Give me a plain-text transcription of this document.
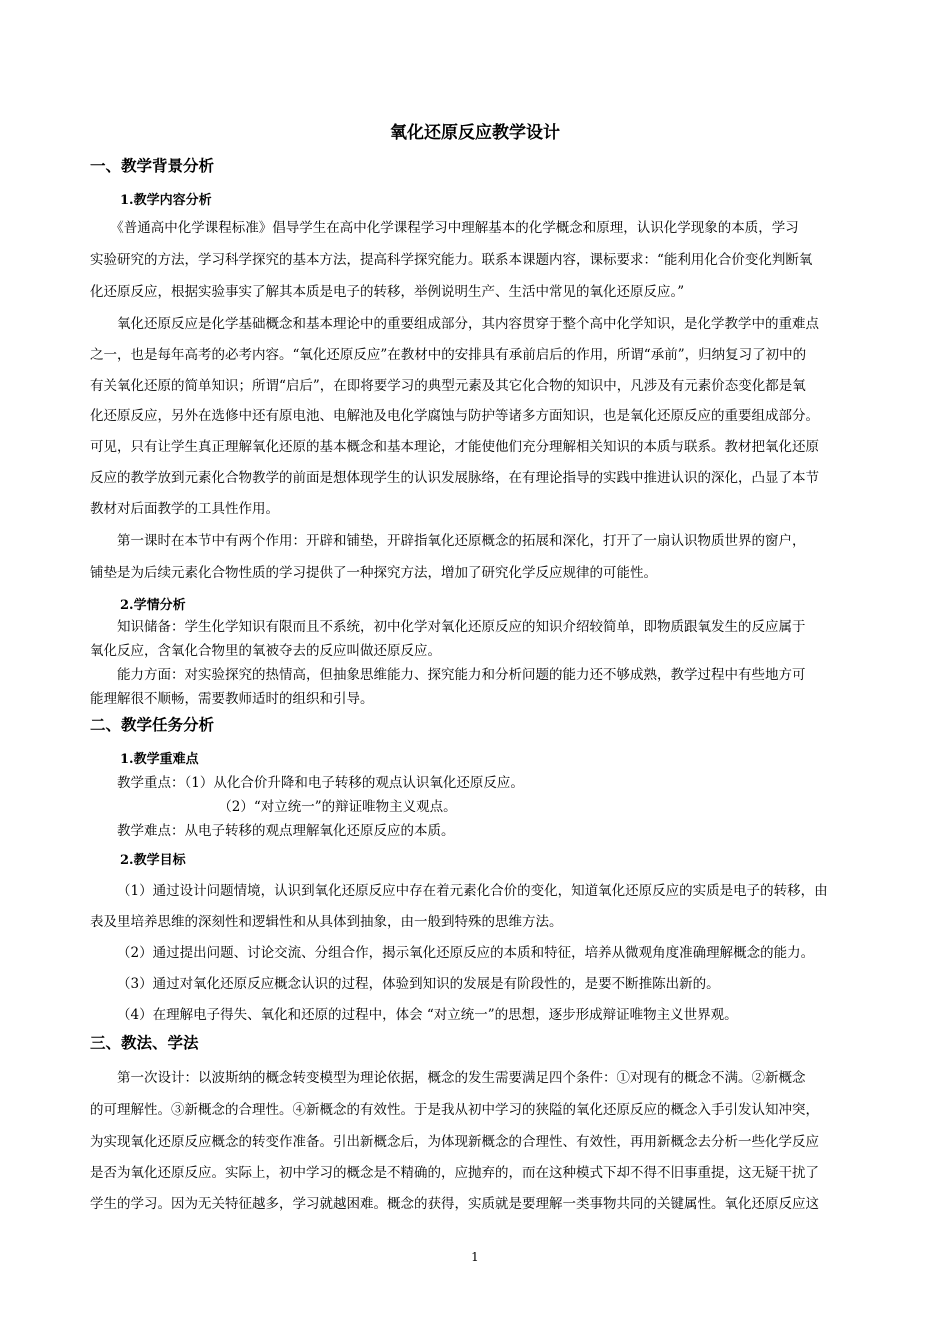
氧化还原反应教学设计
一、教学背景分析
1.教学内容分析
　　《普通高中化学课程标准》倡导学生在高中化学课程学习中理解基本的化学概念和原理，认识化学现象的本质，学习
实验研究的方法，学习科学探究的基本方法，提高科学探究能力。联系本课题内容，课标要求：“能利用化合价变化判断氧
化还原反应，根据实验事实了解其本质是电子的转移，举例说明生产、生活中常见的氧化还原反应。”
　　氧化还原反应是化学基础概念和基本理论中的重要组成部分，其内容贯穿于整个高中化学知识，是化学教学中的重难点
之一，也是每年高考的必考内容。“氧化还原反应”在教材中的安排具有承前启后的作用，所谓“承前”，归纳复习了初中的
有关氧化还原的简单知识；所谓“启后”，在即将要学习的典型元素及其它化合物的知识中，凡涉及有元素价态变化都是氧
化还原反应，另外在选修中还有原电池、电解池及电化学腐蚀与防护等诸多方面知识，也是氧化还原反应的重要组成部分。
可见，只有让学生真正理解氧化还原的基本概念和基本理论，才能使他们充分理解相关知识的本质与联系。教材把氧化还原
反应的教学放到元素化合物教学的前面是想体现学生的认识发展脉络，在有理论指导的实践中推进认识的深化，凸显了本节
教材对后面教学的工具性作用。
　　第一课时在本节中有两个作用：开辟和铺垫，开辟指氧化还原概念的拓展和深化，打开了一扇认识物质世界的窗户，
铺垫是为后续元素化合物性质的学习提供了一种探究方法，增加了研究化学反应规律的可能性。
2.学情分析
　　知识储备：学生化学知识有限而且不系统，初中化学对氧化还原反应的知识介绍较简单，即物质跟氧发生的反应属于
氧化反应，含氧化合物里的氧被夺去的反应叫做还原反应。
　　能力方面：对实验探究的热情高，但抽象思维能力、探究能力和分析问题的能力还不够成熟，教学过程中有些地方可
能理解很不顺畅，需要教师适时的组织和引导。
二、教学任务分析
1.教学重难点
　　教学重点：（1）从化合价升降和电子转移的观点认识氧化还原反应。
　　　　　　　　　　（2）“对立统一”的辩证唯物主义观点。
　　教学难点：从电子转移的观点理解氧化还原反应的本质。
2.教学目标
（1）通过设计问题情境，认识到氧化还原反应中存在着元素化合价的变化，知道氧化还原反应的实质是电子的转移，由
表及里培养思维的深刻性和逻辑性和从具体到抽象，由一般到特殊的思维方法。
（2）通过提出问题、讨论交流、分组合作，揭示氧化还原反应的本质和特征，培养从微观角度准确理解概念的能力。
（3）通过对氧化还原反应概念认识的过程，体验到知识的发展是有阶段性的，是要不断推陈出新的。
（4）在理解电子得失、氧化和还原的过程中，体会 “对立统一”的思想，逐步形成辩证唯物主义世界观。
三、教法、学法
　　第一次设计：以波斯纳的概念转变模型为理论依据，概念的发生需要满足四个条件：①对现有的概念不满。②新概念
的可理解性。③新概念的合理性。④新概念的有效性。于是我从初中学习的狭隘的氧化还原反应的概念入手引发认知冲突，
为实现氧化还原反应概念的转变作准备。引出新概念后，为体现新概念的合理性、有效性，再用新概念去分析一些化学反应
是否为氧化还原反应。实际上，初中学习的概念是不精确的，应抛弃的，而在这种模式下却不得不旧事重提，这无疑干扰了
学生的学习。因为无关特征越多，学习就越困难。概念的获得，实质就是要理解一类事物共同的关键属性。氧化还原反应这
1
